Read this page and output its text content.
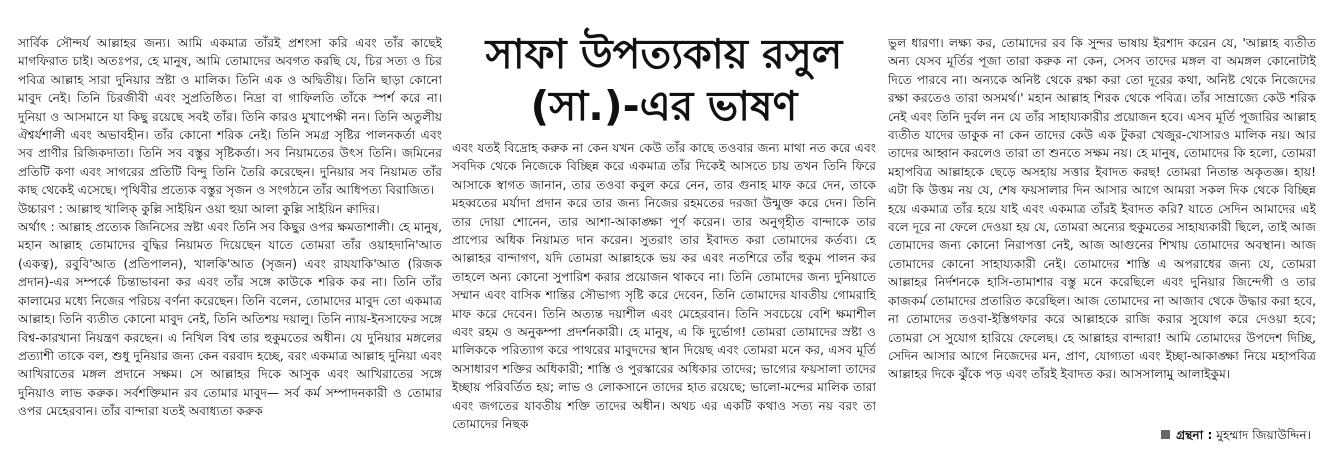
সার্বিক সৌন্দর্য আল্লাহর জন্য। আমি একমাত্র তাঁরই প্রশংসা করি এবং তাঁর কাছেই মাগফিরাত চাই। অতঃপর, হে মানুষ, আমি তোমাদের অবগত করছি যে, চির সত্য ও চির পবিত্র আল্লাহ সারা দুনিয়ার স্রষ্টা ও মালিক। তিনি এক ও অদ্বিতীয়। তিনি ছাড়া কোনো মাবুদ নেই। তিনি চিরজীবী এবং সুপ্রতিষ্ঠিত। নিদ্রা বা গাফিলতি তাঁকে স্পর্শ করে না। দুনিয়া ও আসমানে যা কিছু রয়েছে সবই তাঁর। তিনি কারও মুখাপেক্ষী নন। তিনি অতুলীয় ঐশ্বর্যশালী এবং অভাবহীন। তাঁর কোনো শরিক নেই। তিনি সমগ্র সৃষ্টির পালনকর্তা এবং সব প্রাণীর রিজিকদাতা। তিনি সব বস্তুর সৃষ্টিকর্তা। সব নিয়ামতের উৎস তিনি। জমিনের প্রতিটি কণা এবং সাগরের প্রতিটি বিন্দু তিনি তৈরি করেছেন। দুনিয়ার সব নিয়ামত তাঁর কাছ থেকেই এসেছে। পৃথিবীর প্রত্যেক বস্তুর সৃজন ও সংগঠনে তাঁর আধিপত্য বিরাজিত।

উচ্চারণ : আল্লাহু খালিক্‌ কুল্লি সাইয়িন ওয়া হুয়া আলা কুল্লি সাইয়িন ক্বাদির।

অর্থাৎ : আল্লাহ প্রত্যেক জিনিসের স্রষ্টা এবং তিনি সব কিছুর ওপর ক্ষমতাশালী। হে মানুষ, মহান আল্লাহ তোমাদের বুদ্ধির নিয়ামত দিয়েছেন যাতে তোমরা তাঁর ওয়াহদানি'আত (একত্ব), রবুবি'আত (প্রতিপালন), খালকি'আত (সৃজন) এবং রাযযাকি'আত (রিজক প্রদান)-এর সম্পর্কে চিন্তাভাবনা কর এবং তাঁর সঙ্গে কাউকে শরিক কর না। তিনি তাঁর কালামের মধ্যে নিজের পরিচয় বর্ণনা করেছেন। তিনি বলেন, তোমাদের মাবুদ তো একমাত্র আল্লাহ। তিনি ব্যতীত কোনো মাবুদ নেই, তিনি অতিশয় দয়ালু। তিনি ন্যায়-ইনসাফের সঙ্গে বিশ্ব-কারখানা নিয়ন্ত্রণ করছেন। এ নিখিল বিশ্ব তার হুকুমতের অধীন। যে দুনিয়ার মঙ্গলের প্রত্যাশী তাকে বল, শুধু দুনিয়ার জন্য কেন বরবাদ হচ্ছে, বরং একমাত্র আল্লাহ দুনিয়া এবং আখিরাতের মঙ্গল প্রদানে সক্ষম। সে আল্লাহর দিকে আসুক এবং আখিরাতের সঙ্গে দুনিয়াও লাভ করুক। সর্বশক্তিমান রব তোমার মাবুদ— সর্ব কর্ম সম্পাদনকারী ও তোমার ওপর মেহেরবান। তাঁর বান্দারা যতই অবাধ্যতা করুক

সাফা উপত্যকায় রসুল
(সা.)-এর ভাষণ

এবং যতই বিদ্রোহ করুক না কেন যখন কেউ তাঁর কাছে তওবার জন্য মাথা নত করে এবং সবদিক থেকে নিজেকে বিচ্ছিন্ন করে একমাত্র তাঁর দিকেই আসতে চায় তখন তিনি ফিরে আসাকে স্বাগত জানান, তার তওবা কবুল করে নেন, তার গুনাহ মাফ করে দেন, তাকে মহব্বতের মর্যাদা প্রদান করে তার জন্য নিজের রহমতের দরজা উন্মুক্ত করে দেন। তিনি তার দোয়া শোনেন, তার আশা-আকাঙ্ক্ষা পূর্ণ করেন। তার অনুগৃহীত বান্দাকে তার প্রাপ্যের অধিক নিয়ামত দান করেন। সুতরাং তার ইবাদত করা তোমাদের কর্তব্য। হে আল্লাহর বান্দাগণ, যদি তোমরা আল্লাহকে ভয় কর এবং নতশিরে তাঁর হুকুম পালন কর তাহলে অন্য কোনো সুপারিশ করার প্রয়োজন থাকবে না। তিনি তোমাদের জন্য দুনিয়াতে সম্মান এবং বাসিক শান্তির সৌভাগ্য সৃষ্টি করে দেবেন, তিনি তোমাদের যাবতীয় গোমরাহি মাফ করে দেবেন। তিনি অত্যন্ত দয়াশীল এবং মেহেরবান। তিনি সবচেয়ে বেশি ক্ষমাশীল এবং রহম ও অনুকম্পা প্রদর্শনকারী। হে মানুষ, এ কি দুর্ভোগ! তোমরা তোমাদের স্রষ্টা ও মালিককে পরিত্যাগ করে পাথরের মাবুদদের স্থান দিয়েছ এবং তোমরা মনে কর, এসব মূর্তি অসাধারণ শক্তির অধিকারী; শাস্তি ও পুরস্কারের অধিকার তাদের; ভাগ্যের ফয়সালা তাদের ইচ্ছায় পরিবর্তিত হয়; লাভ ও লোকসানে তাদের হাত রয়েছে; ভালো-মন্দের মালিক তারা এবং জগতের যাবতীয় শক্তি তাদের অধীন। অথচ এর একটি কথাও সত্য নয় বরং তা তোমাদের নিছক

ভুল ধারণা। লক্ষ্য কর, তোমাদের রব কি সুন্দর ভাষায় ইরশাদ করেন যে, 'আল্লাহ ব্যতীত অন্য যেসব মূর্তির পূজা তারা করুক না কেন, সেসব তাদের মঙ্গল বা অমঙ্গল কোনোটাই দিতে পারবে না। অন্যকে অনিষ্ট থেকে রক্ষা করা তো দূরের কথা, অনিষ্ট থেকে নিজেদের রক্ষা করতেও তারা অসমর্থ।' মহান আল্লাহ শিরক থেকে পবিত্র। তাঁর সাম্রাজ্যে কেউ শরিক নেই এবং তিনি দুর্বল নন যে তাঁর সাহায্যকারীর প্রয়োজন হবে। এসব মূর্তি পূজারির আল্লাহ ব্যতীত যাদের ডাকুক না কেন তাদের কেউ এক টুকরা খেজুর-খোসারও মালিক নয়। আর তাদের আহ্বান করলেও তারা তা শুনতে সক্ষম নয়। হে মানুষ, তোমাদের কি হলো, তোমরা মহাপবিত্র আল্লাহকে ছেড়ে অসহায় সত্তার ইবাদত করছ! তোমরা নিতান্ত অকৃতজ্ঞ। হায়! এটা কি উত্তম নয় যে, শেষ ফয়সালার দিন আসার আগে আমরা সকল দিক থেকে বিচ্ছিন্ন হয়ে একমাত্র তাঁর হয়ে যাই এবং একমাত্র তাঁরই ইবাদত করি? যাতে সেদিন আমাদের এই বলে দূরে না ফেলে দেওয়া হয় যে, তোমরা অন্যের হুকুমতের সাহায্যকারী ছিলে, তাই আজ তোমাদের জন্য কোনো নিরাপত্তা নেই, আজ আগুনের শিখায় তোমাদের অবস্থান। আজ তোমাদের কোনো সাহায্যকারী নেই। তোমাদের শাস্তি এ অপরাধের জন্য যে, তোমরা আল্লাহর নির্দশনকে হাসি-তামাশার বস্তু মনে করেছিলে এবং দুনিয়ার জিন্দেগী ও তার কাজকর্ম তোমাদের প্রতারিত করেছিল। আজ তোমাদের না আজাব থেকে উদ্ধার করা হবে, না তোমাদের তওবা-ইস্তিগফার করে আল্লাহকে রাজি করার সুযোগ করে দেওয়া হবে; তোমরা সে সুযোগ হারিয়ে ফেলেছ। হে আল্লাহর বান্দারা! আমি তোমাদের উপদেশ দিচ্ছি, সেদিন আসার আগে নিজেদের মন, প্রাণ, যোগ্যতা এবং ইচ্ছা-আকাঙ্ক্ষা নিয়ে মহাপবিত্র আল্লাহর দিকে ঝুঁকে পড় এবং তাঁরই ইবাদত কর। আসসালামু আলাইকুম।

গ্রন্থনা : মুহম্মাদ জিয়াউদ্দিন।
